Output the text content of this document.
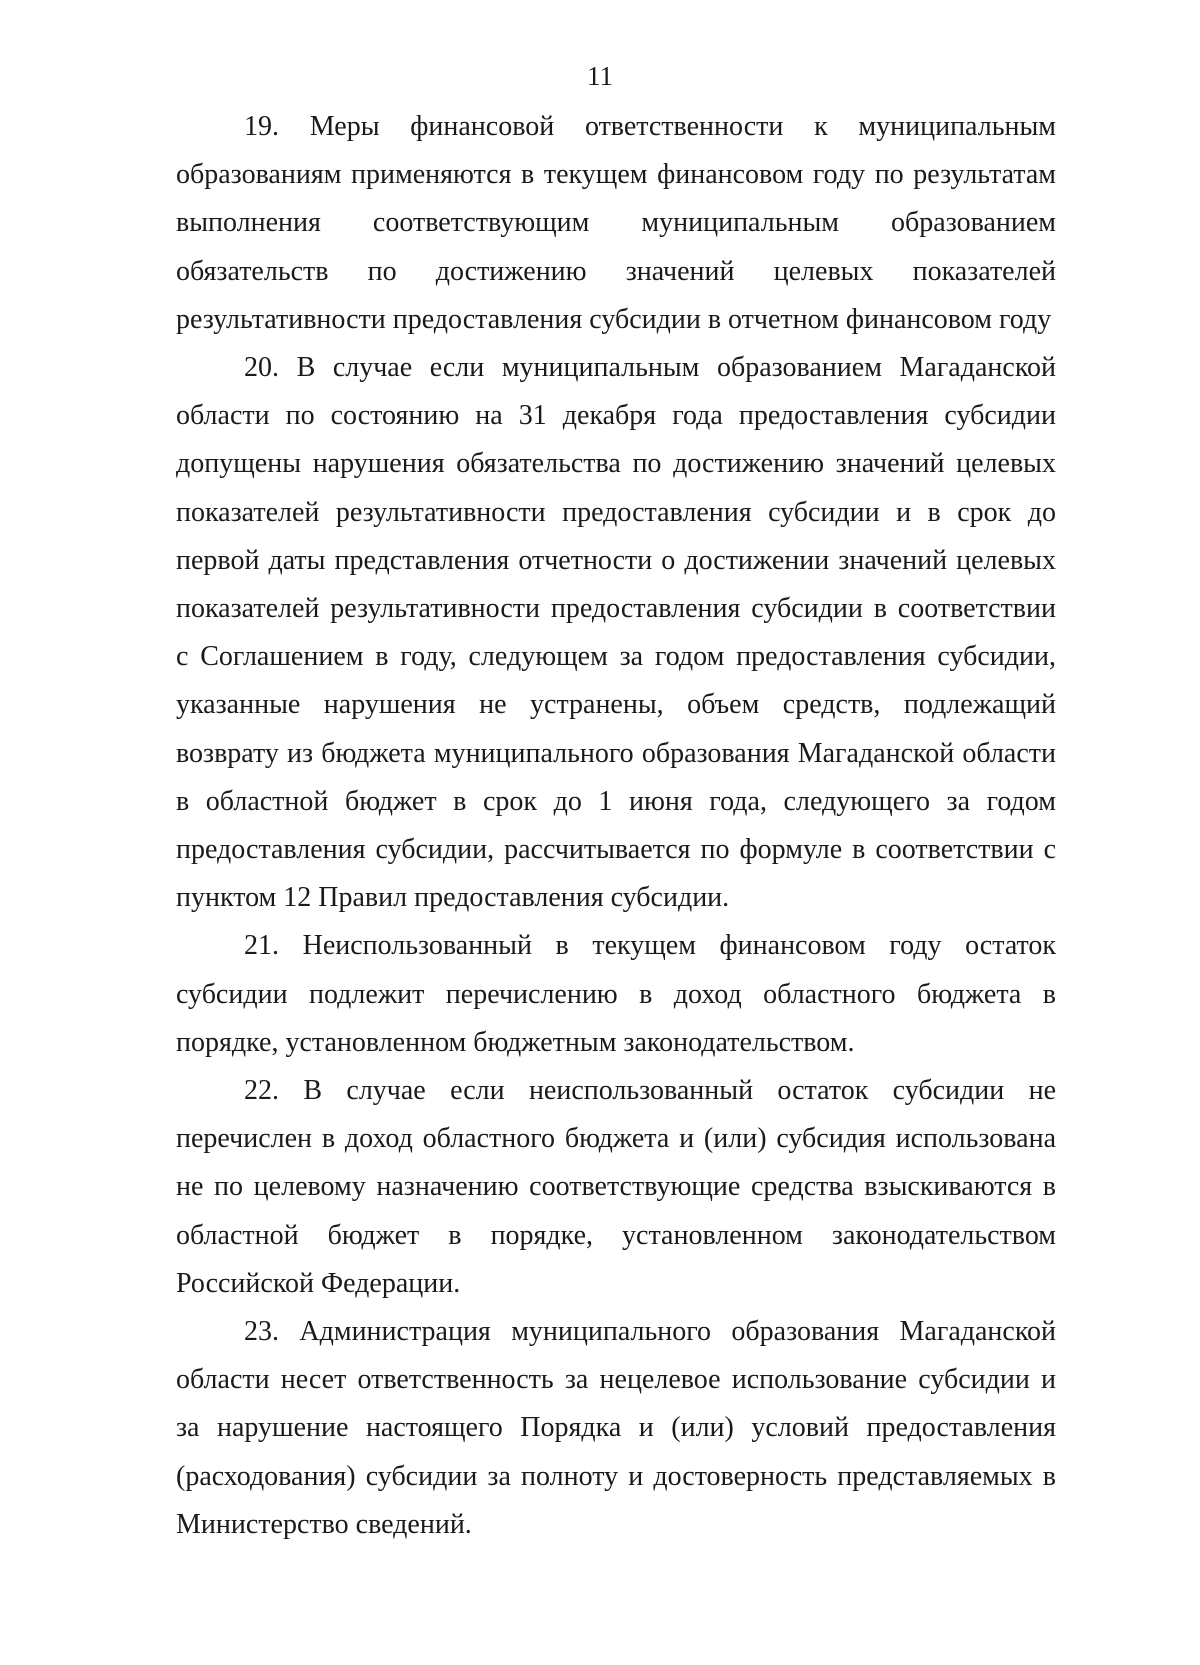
11

19. Меры финансовой ответственности к муниципальным образованиям применяются в текущем финансовом году по результатам выполнения соответствующим муниципальным образованием обязательств по достижению значений целевых показателей результативности предоставления субсидии в отчетном финансовом году

20. В случае если муниципальным образованием Магаданской области по состоянию на 31 декабря года предоставления субсидии допущены нарушения обязательства по достижению значений целевых показателей результативности предоставления субсидии и в срок до первой даты представления отчетности о достижении значений целевых показателей результативности предоставления субсидии в соответствии с Соглашением в году, следующем за годом предоставления субсидии, указанные нарушения не устранены, объем средств, подлежащий возврату из бюджета муниципального образования Магаданской области в областной бюджет в срок до 1 июня года, следующего за годом предоставления субсидии, рассчитывается по формуле в соответствии с пунктом 12 Правил предоставления субсидии.

21. Неиспользованный в текущем финансовом году остаток субсидии подлежит перечислению в доход областного бюджета в порядке, установленном бюджетным законодательством.

22. В случае если неиспользованный остаток субсидии не перечислен в доход областного бюджета и (или) субсидия использована не по целевому назначению соответствующие средства взыскиваются в областной бюджет в порядке, установленном законодательством Российской Федерации.

23. Администрация муниципального образования Магаданской области несет ответственность за нецелевое использование субсидии и за нарушение настоящего Порядка и (или) условий предоставления (расходования) субсидии за полноту и достоверность представляемых в Министерство сведений.
